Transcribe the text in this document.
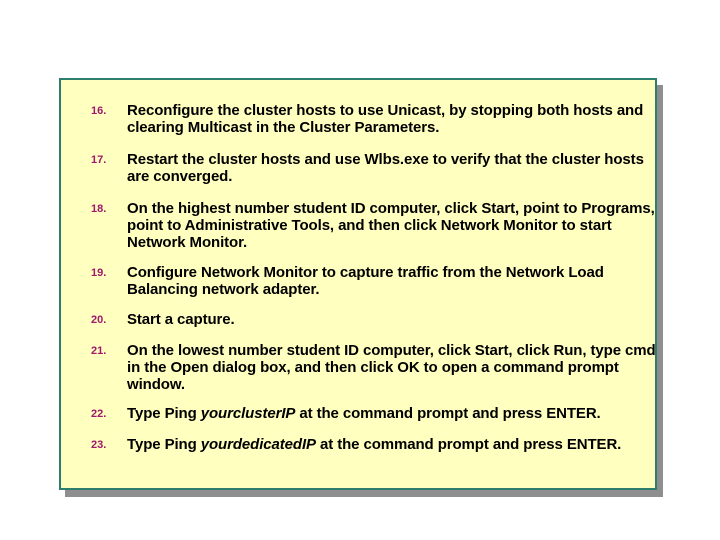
16. Reconfigure the cluster hosts to use Unicast, by stopping both hosts and clearing Multicast in the Cluster Parameters.
17. Restart the cluster hosts and use Wlbs.exe to verify that the cluster hosts are converged.
18. On the highest number student ID computer, click Start, point to Programs, point to Administrative Tools, and then click Network Monitor to start Network Monitor.
19. Configure Network Monitor to capture traffic from the Network Load Balancing network adapter.
20. Start a capture.
21. On the lowest number student ID computer, click Start, click Run, type cmd in the Open dialog box, and then click OK to open a command prompt window.
22. Type Ping yourclusterIP at the command prompt and press ENTER.
23. Type Ping yourdedicatedIP at the command prompt and press ENTER.
